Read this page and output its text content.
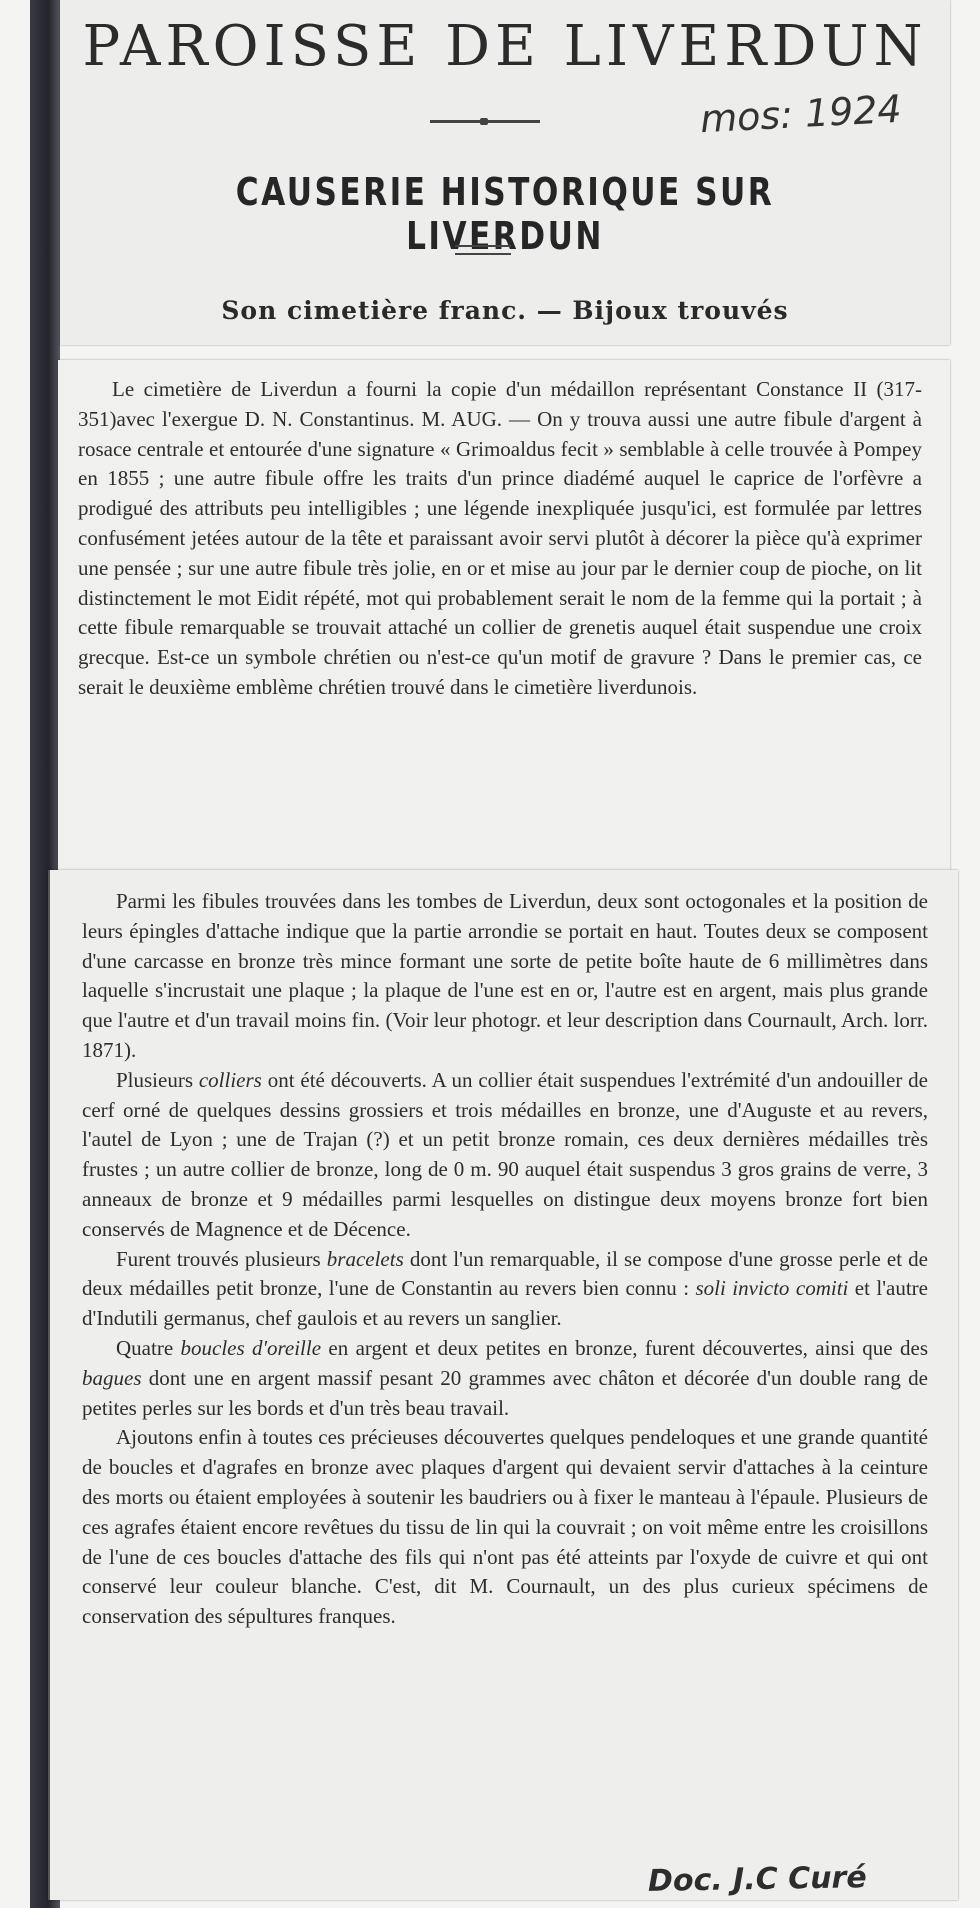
PAROISSE DE LIVERDUN
CAUSERIE HISTORIQUE SUR LIVERDUN
Son cimetière franc. — Bijoux trouvés
mos: 1924

Le cimetière de Liverdun a fourni la copie d'un médaillon représentant Constance II (317-351)avec l'exergue D. N. Constantinus. M. AUG. — On y trouva aussi une autre fibule d'argent à rosace centrale et entourée d'une signature « Grimoaldus fecit » semblable à celle trouvée à Pompey en 1855 ; une autre fibule offre les traits d'un prince diadémé auquel le caprice de l'orfèvre a prodigué des attributs peu intelligibles ; une légende inexpliquée jusqu'ici, est formulée par lettres confusément jetées autour de la tête et paraissant avoir servi plutôt à décorer la pièce qu'à exprimer une pensée ; sur une autre fibule très jolie, en or et mise au jour par le dernier coup de pioche, on lit distinctement le mot Eidit répété, mot qui probablement serait le nom de la femme qui la portait ; à cette fibule remarquable se trouvait attaché un collier de grenetis auquel était suspendue une croix grecque. Est-ce un symbole chrétien ou n'est-ce qu'un motif de gravure ? Dans le premier cas, ce serait le deuxième emblème chrétien trouvé dans le cimetière liverdunois.

Parmi les fibules trouvées dans les tombes de Liverdun, deux sont octogonales et la position de leurs épingles d'attache indique que la partie arrondie se portait en haut. Toutes deux se composent d'une carcasse en bronze très mince formant une sorte de petite boîte haute de 6 millimètres dans laquelle s'incrustait une plaque ; la plaque de l'une est en or, l'autre est en argent, mais plus grande que l'autre et d'un travail moins fin. (Voir leur photogr. et leur description dans Cournault, Arch. lorr. 1871).

Plusieurs colliers ont été découverts. A un collier était suspendues l'extrémité d'un andouiller de cerf orné de quelques dessins grossiers et trois médailles en bronze, une d'Auguste et au revers, l'autel de Lyon ; une de Trajan (?) et un petit bronze romain, ces deux dernières médailles très frustes ; un autre collier de bronze, long de 0 m. 90 auquel était suspendus 3 gros grains de verre, 3 anneaux de bronze et 9 médailles parmi lesquelles on distingue deux moyens bronze fort bien conservés de Magnence et de Décence.

Furent trouvés plusieurs bracelets dont l'un remarquable, il se compose d'une grosse perle et de deux médailles petit bronze, l'une de Constantin au revers bien connu : soli invicto comiti et l'autre d'Indutili germanus, chef gaulois et au revers un sanglier.

Quatre boucles d'oreille en argent et deux petites en bronze, furent découvertes, ainsi que des bagues dont une en argent massif pesant 20 grammes avec châton et décorée d'un double rang de petites perles sur les bords et d'un très beau travail.

Ajoutons enfin à toutes ces précieuses découvertes quelques pendeloques et une grande quantité de boucles et d'agrafes en bronze avec plaques d'argent qui devaient servir d'attaches à la ceinture des morts ou étaient employées à soutenir les baudriers ou à fixer le manteau à l'épaule. Plusieurs de ces agrafes étaient encore revêtues du tissu de lin qui la couvrait ; on voit même entre les croisillons de l'une de ces boucles d'attache des fils qui n'ont pas été atteints par l'oxyde de cuivre et qui ont conservé leur couleur blanche. C'est, dit M. Cournault, un des plus curieux spécimens de conservation des sépultures franques.

Doc. J.C Curé
